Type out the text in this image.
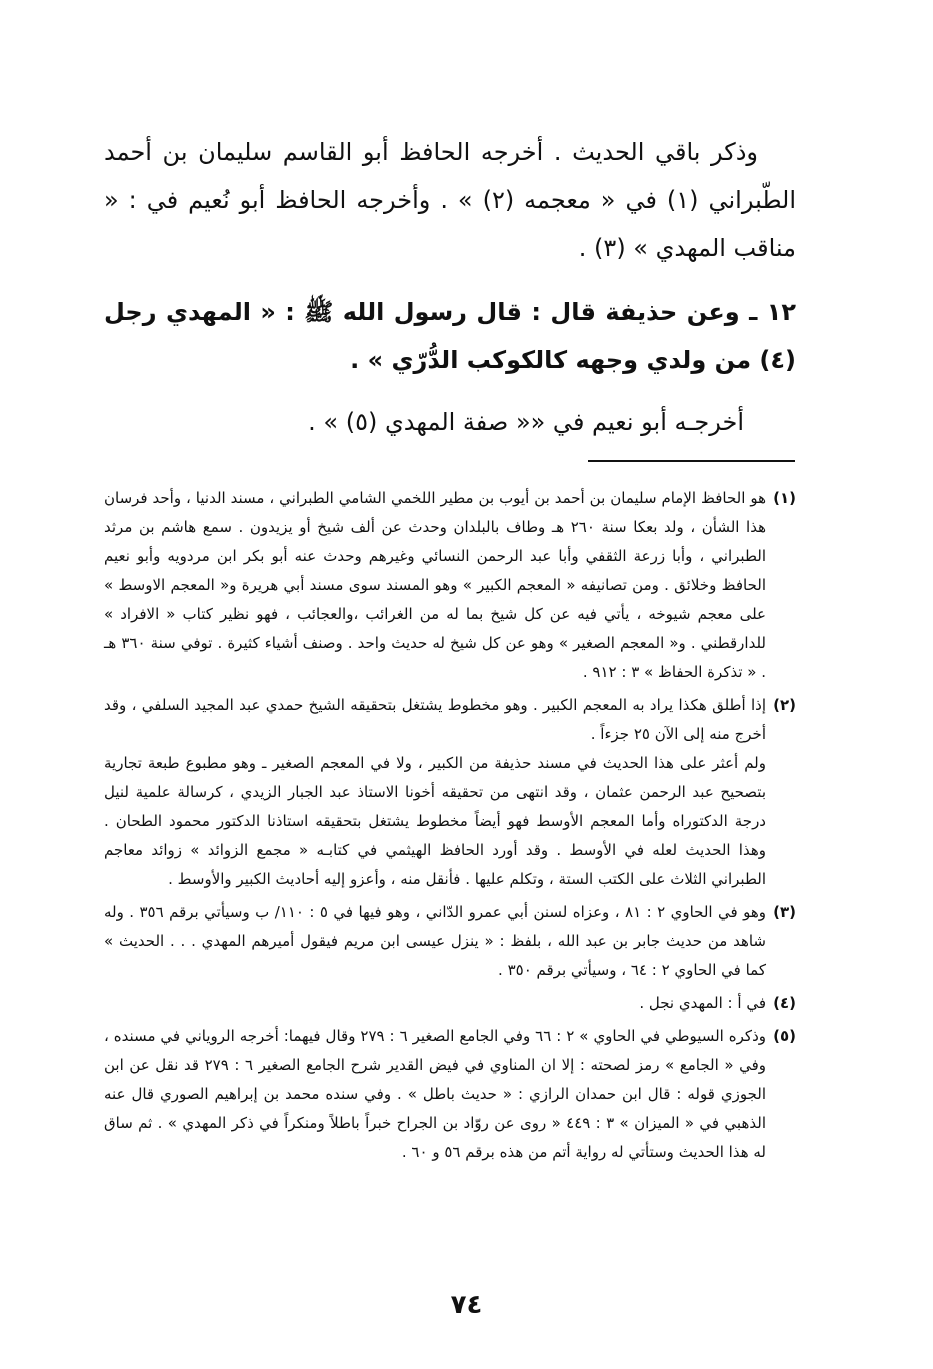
وذكر باقي الحديث . أخرجه الحافظ أبو القاسم سليمان بن أحمد الطّبراني (١) في « معجمه (٢) » . وأخرجه الحافظ أبو نُعيم في : « مناقب المهدي » (٣) .

١٢ ـ وعن حذيفة قال : قال رسول الله ﷺ : « المهدي رجل (٤) من ولدي وجهه كالكوكب الدُّرّي » .

أخرجـه أبو نعيم في «« صفة المهدي (٥) » .

(١)
هو الحافظ الإمام سليمان بن أحمد بن أيوب بن مطير اللخمي الشامي الطبراني ، مسند الدنيا ، وأحد فرسان هذا الشأن ، ولد بعكا سنة ٢٦٠ هـ وطاف بالبلدان وحدث عن ألف شيخ أو يزيدون . سمع هاشم بن مرثد الطبراني ، وأبا زرعة الثقفي وأبا عبد الرحمن النسائي وغيرهم وحدث عنه أبو بكر ابن مردويه وأبو نعيم الحافظ وخلائق . ومن تصانيفه « المعجم الكبير » وهو المسند سوى مسند أبي هريرة و« المعجم الاوسط » على معجم شيوخه ، يأتي فيه عن كل شيخ بما له من الغرائب ،والعجائب ، فهو نظير كتاب « الافراد » للدارقطني . و« المعجم الصغير » وهو عن كل شيخ له حديث واحد . وصنف أشياء كثيرة . توفي سنة ٣٦٠ هـ . « تذكرة الحفاظ » ٣ : ٩١٢ .
(٢)
إذا أطلق هكذا يراد به المعجم الكبير . وهو مخطوط يشتغل بتحقيقه الشيخ حمدي عبد المجيد السلفي ، وقد أخرج منه إلى الآن ٢٥ جزءاً .
ولم أعثر على هذا الحديث في مسند حذيفة من الكبير ، ولا في المعجم الصغير ـ وهو مطبوع طبعة تجارية بتصحيح عبد الرحمن عثمان ، وقد انتهى من تحقيقه أخونا الاستاذ عبد الجبار الزيدي ، كرسالة علمية لنيل درجة الدكتوراه وأما المعجم الأوسط فهو أيضاً مخطوط يشتغل بتحقيقه استاذنا الدكتور محمود الطحان . وهذا الحديث لعله في الأوسط . وقد أورد الحافظ الهيثمي في كتابـه « مجمع الزوائد » زوائد معاجم الطبراني الثلاث على الكتب الستة ، وتكلم عليها . فأنقل منه ، وأعزو إليه أحاديث الكبير والأوسط .
(٣)
وهو في الحاوي ٢ : ٨١ ، وعزاه لسنن أبي عمرو الدّاني ، وهو فيها في ٥ : ١١٠/ ب وسيأتي برقم ٣٥٦ . وله شاهد من حديث جابر بن عبد الله ، بلفظ : « ينزل عيسى ابن مريم فيقول أميرهم المهدي . . . الحديث » كما في الحاوي ٢ : ٦٤ ، وسيأتي برقم ٣٥٠ .
(٤)
في أ : المهدي نجل .
(٥)
وذكره السيوطي في الحاوي » ٢ : ٦٦ وفي الجامع الصغير ٦ : ٢٧٩ وقال فيهما: أخرجه الروياني في مسنده ، وفي « الجامع » رمز لصحته : إلا ان المناوي في فيض القدير شرح الجامع الصغير ٦ : ٢٧٩ قد نقل عن ابن الجوزي قوله : قال ابن حمدان الرازي : « حديث باطل » . وفي سنده محمد بن إبراهيم الصوري قال عنه الذهبي في « الميزان » ٣ : ٤٤٩ « روى عن روّاد بن الجراح خبراً باطلاً ومنكراً في ذكر المهدي » . ثم ساق له هذا الحديث وستأتي له رواية أتم من هذه برقم ٥٦ و ٦٠ .
٧٤
